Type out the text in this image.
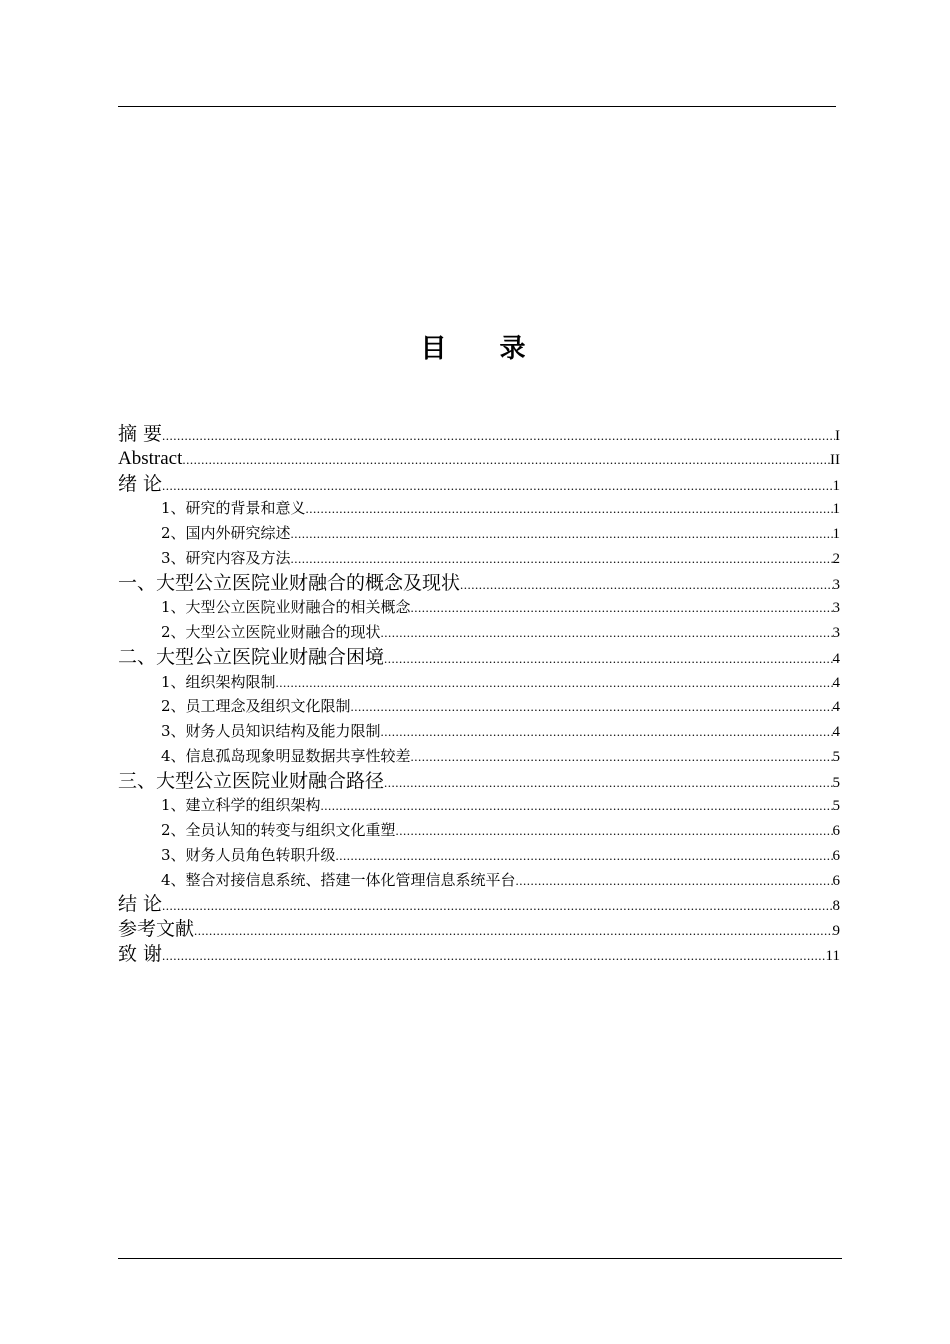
目 录
摘 要 .....	I
Abstract .....	II
绪 论 .....	1
1、研究的背景和意义 .....	1
2、国内外研究综述 .....	1
3、研究内容及方法 .....	2
一、大型公立医院业财融合的概念及现状 .....	3
1、大型公立医院业财融合的相关概念 .....	3
2、大型公立医院业财融合的现状 .....	3
二、大型公立医院业财融合困境 .....	4
1、组织架构限制 .....	4
2、员工理念及组织文化限制 .....	4
3、财务人员知识结构及能力限制 .....	4
4、信息孤岛现象明显数据共享性较差 .....	5
三、大型公立医院业财融合路径 .....	5
1、建立科学的组织架构 .....	5
2、全员认知的转变与组织文化重塑 .....	6
3、财务人员角色转职升级 .....	6
4、整合对接信息系统、搭建一体化管理信息系统平台 .....	6
结 论 .....	8
参考文献 .....	9
致 谢 .....	11
